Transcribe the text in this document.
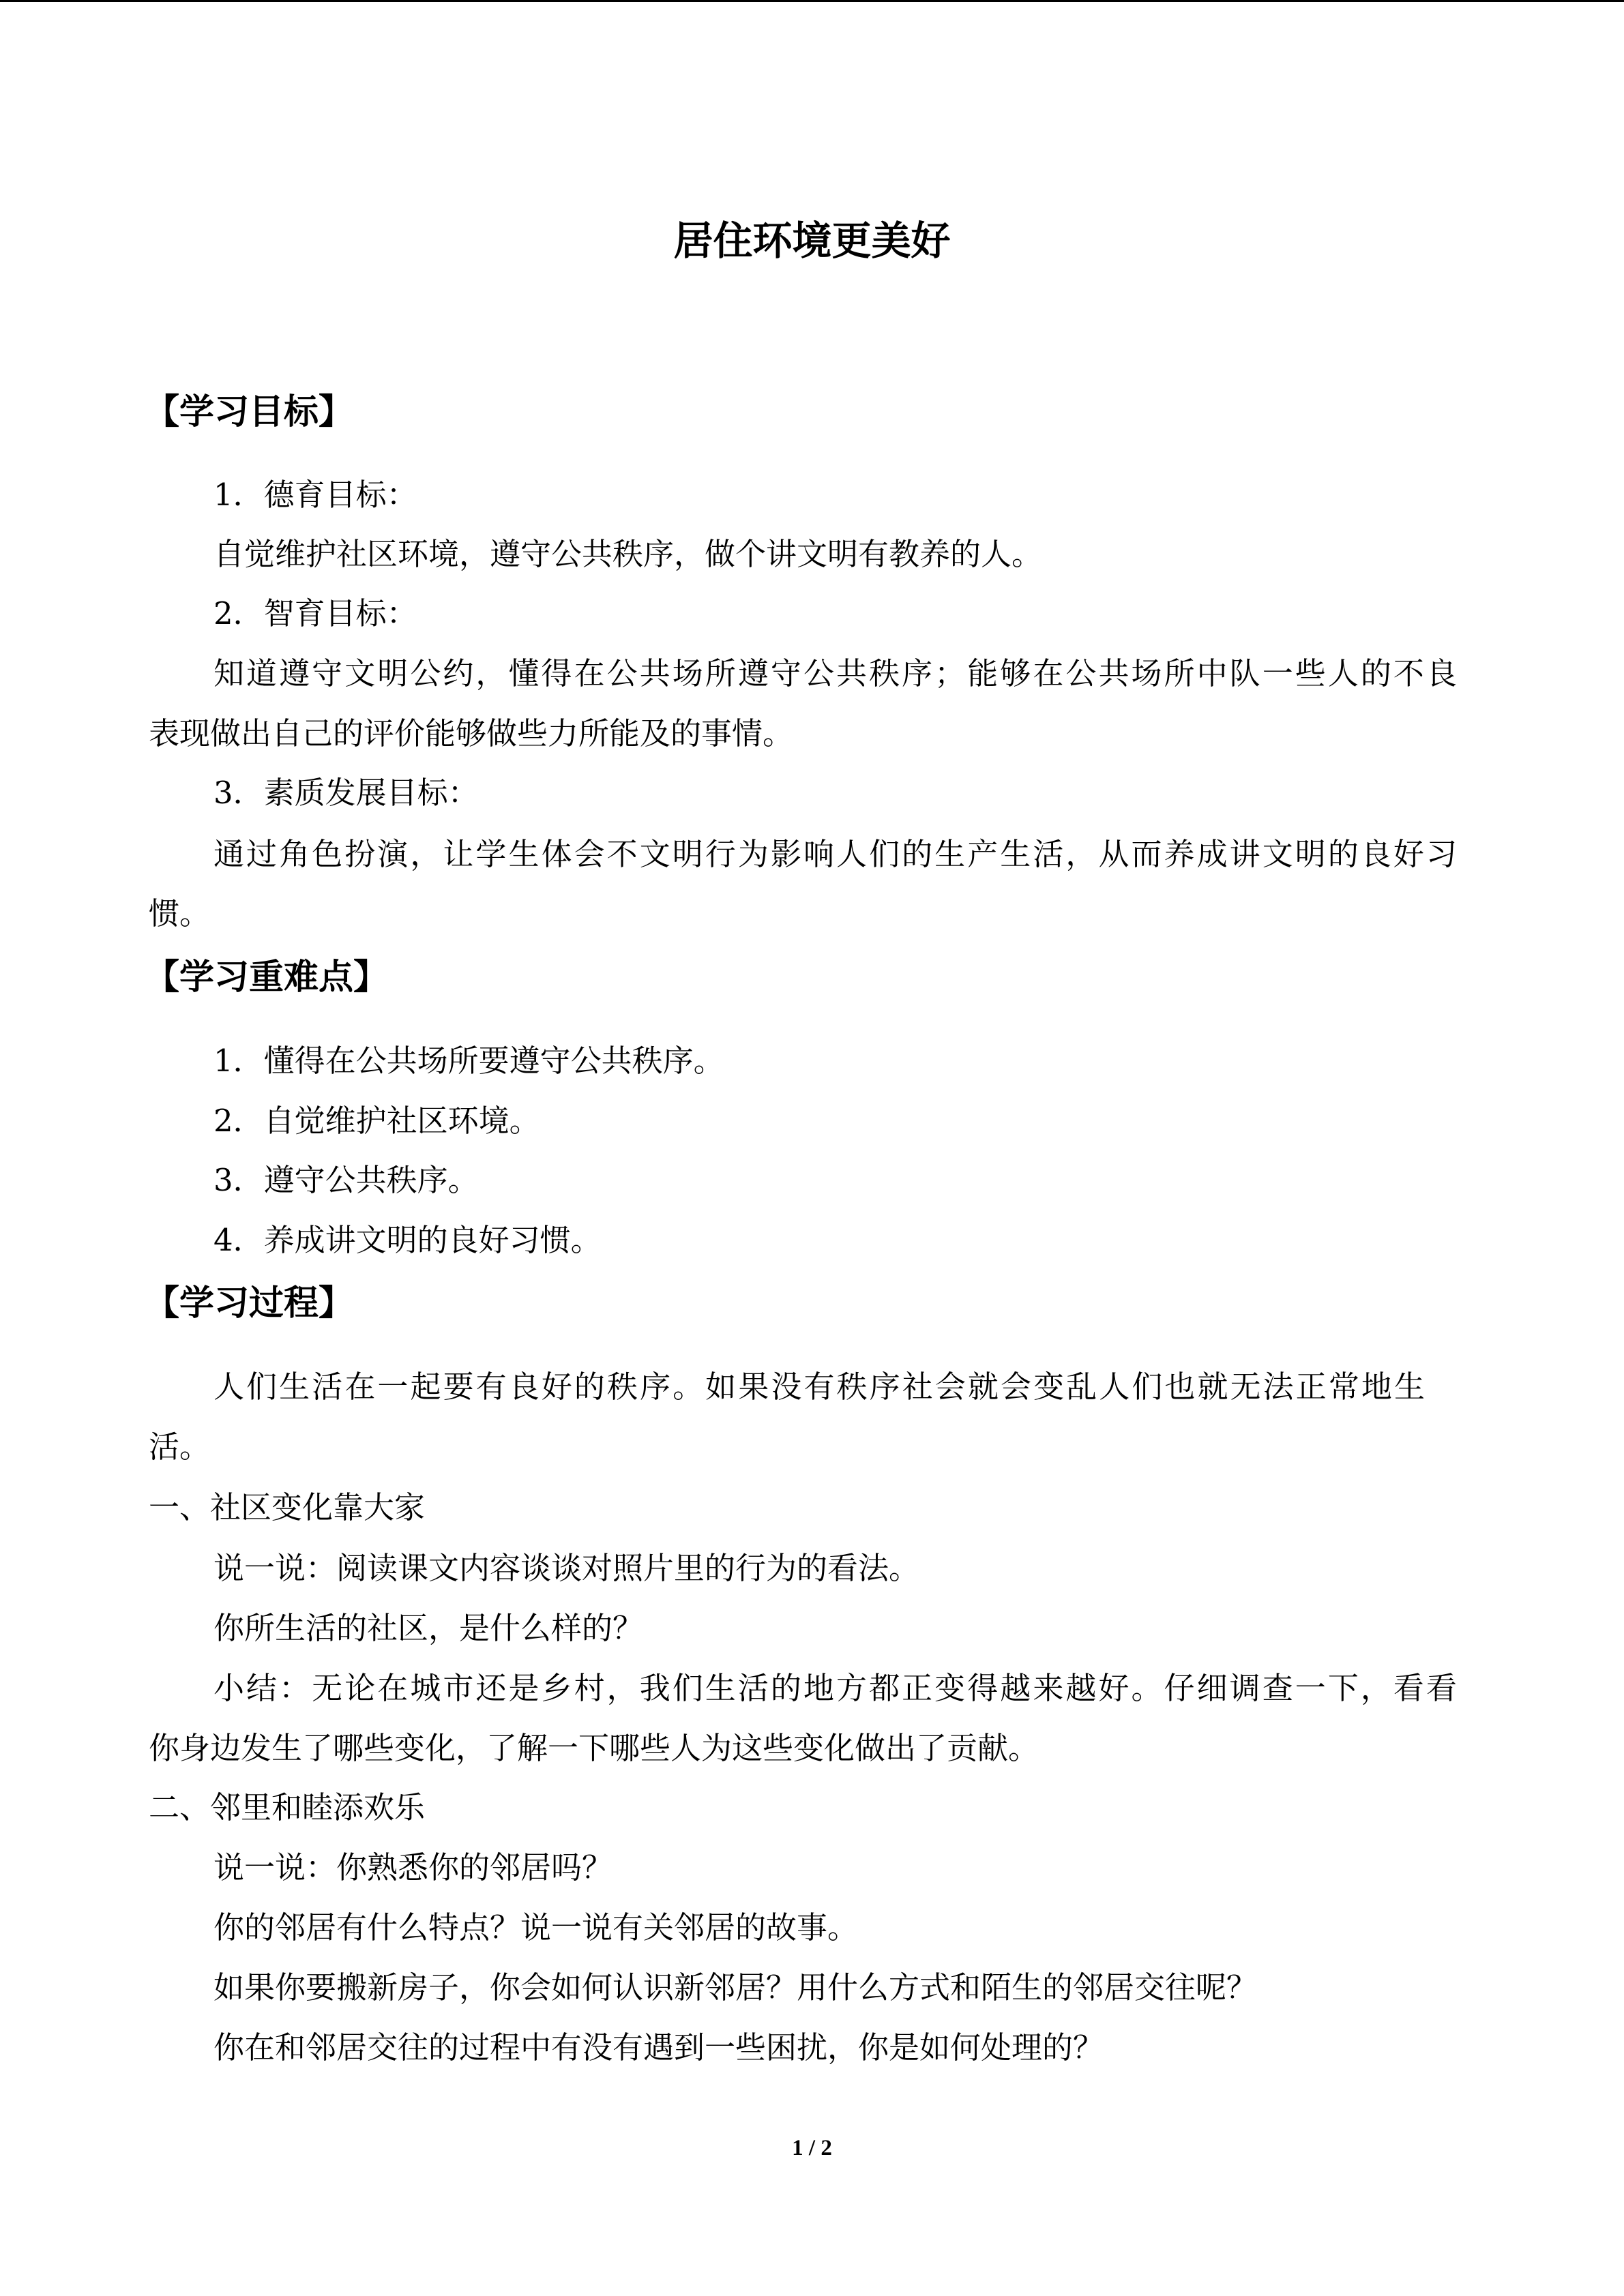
居住环境更美好
【学习目标】

1．德育目标：

自觉维护社区环境，遵守公共秩序，做个讲文明有教养的人。

2．智育目标：

知道遵守文明公约，懂得在公共场所遵守公共秩序；能够在公共场所中队一些人的不良

表现做出自己的评价能够做些力所能及的事情。

3．素质发展目标：

通过角色扮演，让学生体会不文明行为影响人们的生产生活，从而养成讲文明的良好习

惯。

【学习重难点】

1．懂得在公共场所要遵守公共秩序。

2．自觉维护社区环境。

3．遵守公共秩序。

4．养成讲文明的良好习惯。

【学习过程】

人们生活在一起要有良好的秩序。如果没有秩序社会就会变乱人们也就无法正常地生

活。

一、社区变化靠大家

说一说：阅读课文内容谈谈对照片里的行为的看法。

你所生活的社区，是什么样的？

小结：无论在城市还是乡村，我们生活的地方都正变得越来越好。仔细调查一下，看看

你身边发生了哪些变化，了解一下哪些人为这些变化做出了贡献。

二、邻里和睦添欢乐

说一说：你熟悉你的邻居吗？

你的邻居有什么特点？说一说有关邻居的故事。

如果你要搬新房子，你会如何认识新邻居？用什么方式和陌生的邻居交往呢？

你在和邻居交往的过程中有没有遇到一些困扰，你是如何处理的？

1 / 2
